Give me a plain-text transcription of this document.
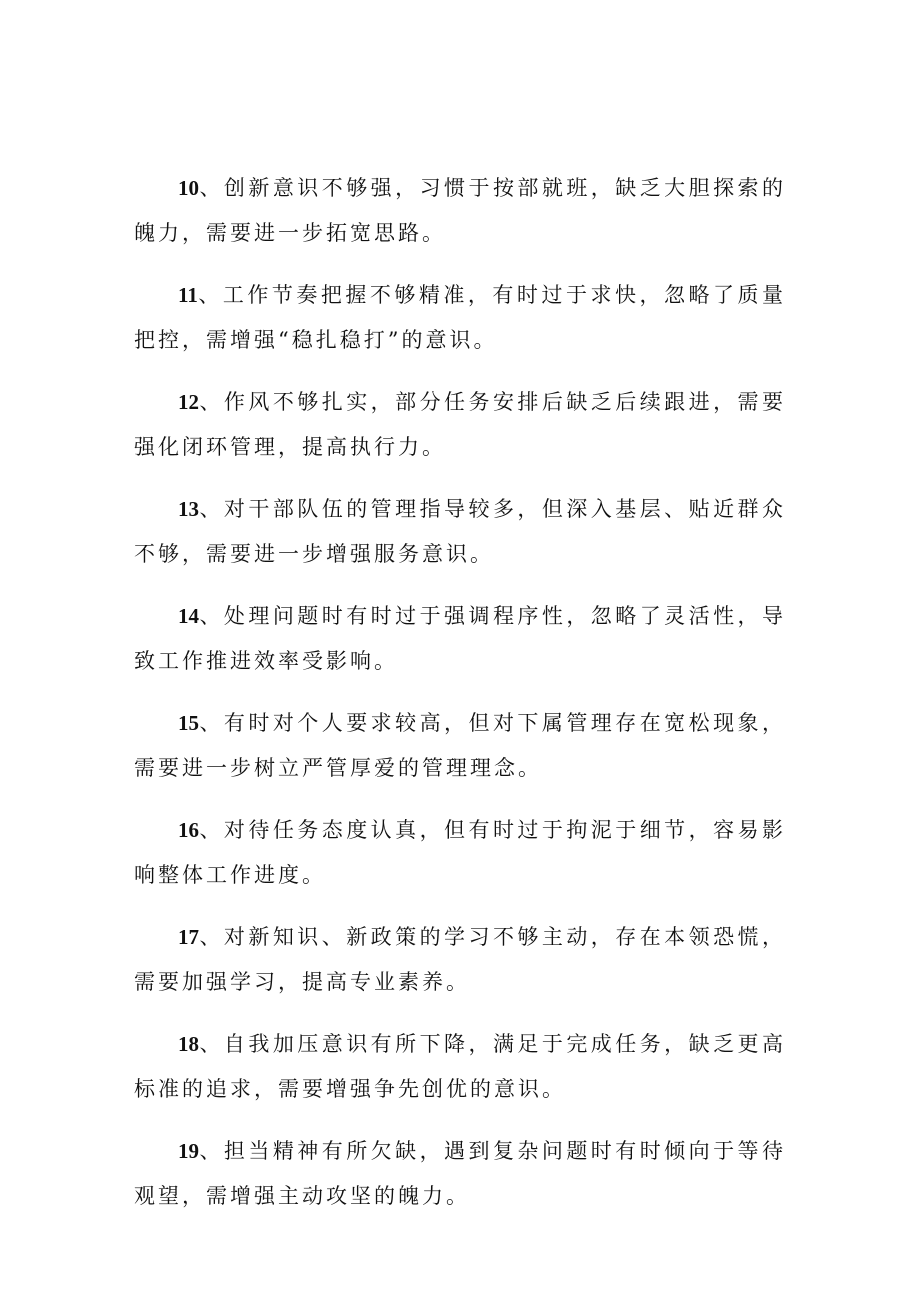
10、创新意识不够强，习惯于按部就班，缺乏大胆探索的魄力，需要进一步拓宽思路。

11、工作节奏把握不够精准，有时过于求快，忽略了质量把控，需增强“稳扎稳打”的意识。

12、作风不够扎实，部分任务安排后缺乏后续跟进，需要强化闭环管理，提高执行力。

13、对干部队伍的管理指导较多，但深入基层、贴近群众不够，需要进一步增强服务意识。

14、处理问题时有时过于强调程序性，忽略了灵活性，导致工作推进效率受影响。

15、有时对个人要求较高，但对下属管理存在宽松现象，需要进一步树立严管厚爱的管理理念。

16、对待任务态度认真，但有时过于拘泥于细节，容易影响整体工作进度。

17、对新知识、新政策的学习不够主动，存在本领恐慌，需要加强学习，提高专业素养。

18、自我加压意识有所下降，满足于完成任务，缺乏更高标准的追求，需要增强争先创优的意识。

19、担当精神有所欠缺，遇到复杂问题时有时倾向于等待观望，需增强主动攻坚的魄力。
